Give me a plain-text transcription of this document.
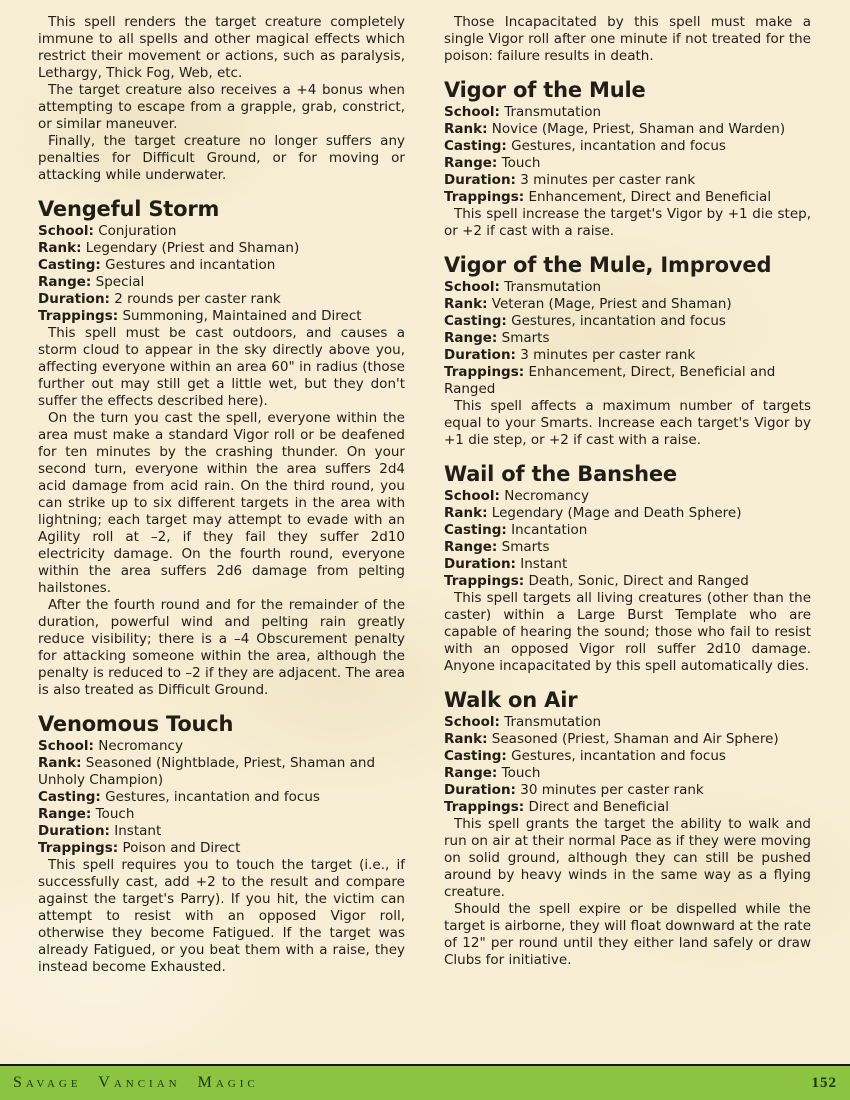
This spell renders the target creature completely immune to all spells and other magical effects which restrict their movement or actions, such as paralysis, Lethargy, Thick Fog, Web, etc.

The target creature also receives a +4 bonus when attempting to escape from a grapple, grab, constrict, or similar maneuver.

Finally, the target creature no longer suffers any penalties for Difficult Ground, or for moving or attacking while underwater.

Vengeful Storm
School: Conjuration
Rank: Legendary (Priest and Shaman)
Casting: Gestures and incantation
Range: Special
Duration: 2 rounds per caster rank
Trappings: Summoning, Maintained and Direct

This spell must be cast outdoors, and causes a storm cloud to appear in the sky directly above you, affecting everyone within an area 60" in radius (those further out may still get a little wet, but they don't suffer the effects described here).

On the turn you cast the spell, everyone within the area must make a standard Vigor roll or be deafened for ten minutes by the crashing thunder. On your second turn, everyone within the area suffers 2d4 acid damage from acid rain. On the third round, you can strike up to six different targets in the area with lightning; each target may attempt to evade with an Agility roll at –2, if they fail they suffer 2d10 electricity damage. On the fourth round, everyone within the area suffers 2d6 damage from pelting hailstones.

After the fourth round and for the remainder of the duration, powerful wind and pelting rain greatly reduce visibility; there is a –4 Obscurement penalty for attacking someone within the area, although the penalty is reduced to –2 if they are adjacent. The area is also treated as Difficult Ground.

Venomous Touch
School: Necromancy
Rank: Seasoned (Nightblade, Priest, Shaman and Unholy Champion)
Casting: Gestures, incantation and focus
Range: Touch
Duration: Instant
Trappings: Poison and Direct

This spell requires you to touch the target (i.e., if successfully cast, add +2 to the result and compare against the target's Parry). If you hit, the victim can attempt to resist with an opposed Vigor roll, otherwise they become Fatigued. If the target was already Fatigued, or you beat them with a raise, they instead become Exhausted.

Those Incapacitated by this spell must make a single Vigor roll after one minute if not treated for the poison: failure results in death.

Vigor of the Mule
School: Transmutation
Rank: Novice (Mage, Priest, Shaman and Warden)
Casting: Gestures, incantation and focus
Range: Touch
Duration: 3 minutes per caster rank
Trappings: Enhancement, Direct and Beneficial

This spell increase the target's Vigor by +1 die step, or +2 if cast with a raise.

Vigor of the Mule, Improved
School: Transmutation
Rank: Veteran (Mage, Priest and Shaman)
Casting: Gestures, incantation and focus
Range: Smarts
Duration: 3 minutes per caster rank
Trappings: Enhancement, Direct, Beneficial and Ranged

This spell affects a maximum number of targets equal to your Smarts. Increase each target's Vigor by +1 die step, or +2 if cast with a raise.

Wail of the Banshee
School: Necromancy
Rank: Legendary (Mage and Death Sphere)
Casting: Incantation
Range: Smarts
Duration: Instant
Trappings: Death, Sonic, Direct and Ranged

This spell targets all living creatures (other than the caster) within a Large Burst Template who are capable of hearing the sound; those who fail to resist with an opposed Vigor roll suffer 2d10 damage. Anyone incapacitated by this spell automatically dies.

Walk on Air
School: Transmutation
Rank: Seasoned (Priest, Shaman and Air Sphere)
Casting: Gestures, incantation and focus
Range: Touch
Duration: 30 minutes per caster rank
Trappings: Direct and Beneficial

This spell grants the target the ability to walk and run on air at their normal Pace as if they were moving on solid ground, although they can still be pushed around by heavy winds in the same way as a flying creature.

Should the spell expire or be dispelled while the target is airborne, they will float downward at the rate of 12" per round until they either land safely or draw Clubs for initiative.

Savage Vancian Magic	152
